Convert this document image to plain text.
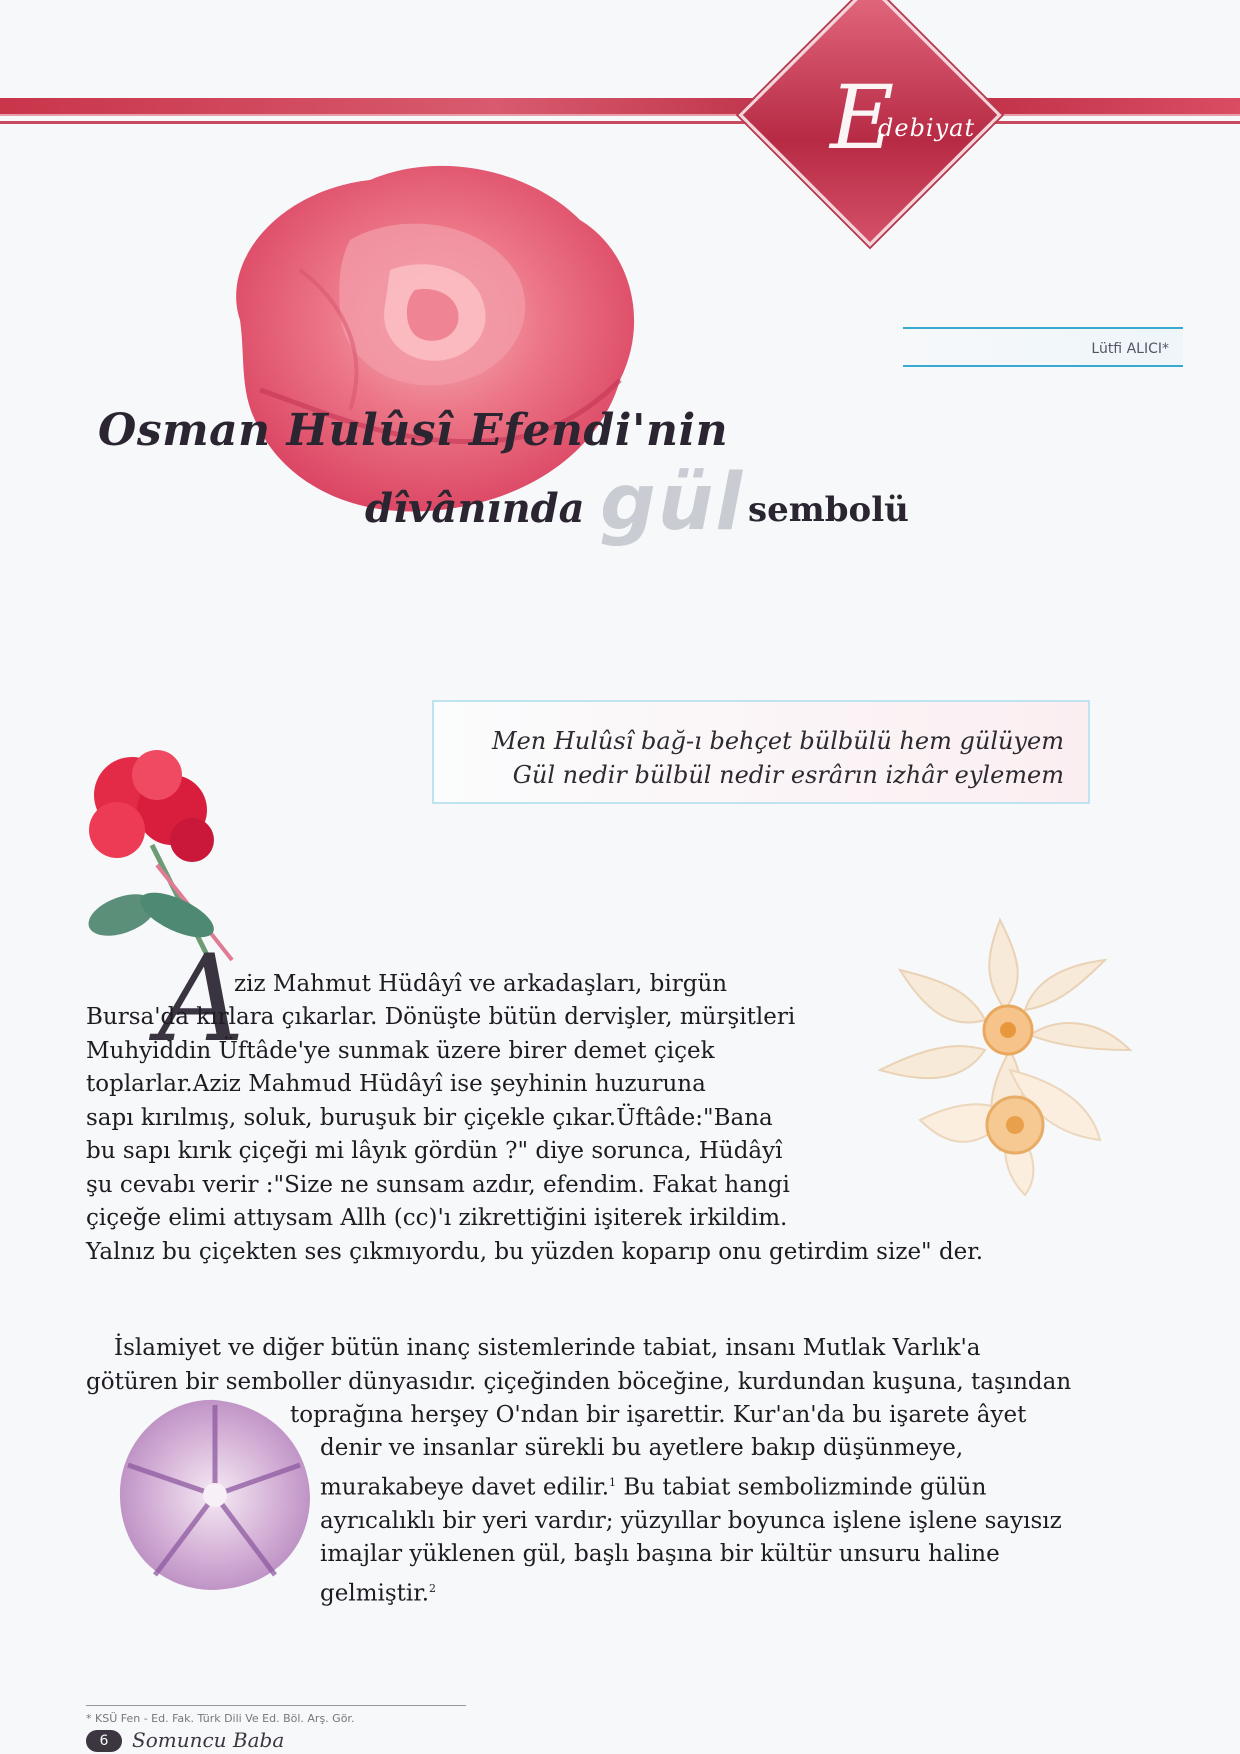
E
debiyat
Lütfi ALICI*
Osman Hulûsî Efendi'nin
gül
dîvânında	sembolü
Men Hulûsî bağ-ı behçet bülbülü hem gülüyem
Gül nedir bülbül nedir esrârın izhâr eylemem
A

ziz Mahmut Hüdâyî ve arkadaşları, birgün

Bursa'da kırlara çıkarlar. Dönüşte bütün dervişler, mürşitleri
Muhyiddin Üftâde'ye sunmak üzere birer demet çiçek
toplarlar.Aziz Mahmud Hüdâyî ise şeyhinin huzuruna
sapı kırılmış, soluk, buruşuk bir çiçekle çıkar.Üftâde:"Bana
bu sapı kırık çiçeği mi lâyık gördün ?" diye sorunca, Hüdâyî
şu cevabı verir :"Size ne sunsam azdır, efendim. Fakat hangi
çiçeğe elimi attıysam Allh (cc)'ı zikrettiğini işiterek irkildim.
Yalnız bu çiçekten ses çıkmıyordu, bu yüzden koparıp onu getirdim size" der.

İslamiyet ve diğer bütün inanç sistemlerinde tabiat, insanı Mutlak Varlık'a
götüren bir semboller dünyasıdır. çiçeğinden böceğine, kurdundan kuşuna, taşından

toprağına herşey O'ndan bir işarettir. Kur'an'da bu işarete âyet

denir ve insanlar sürekli bu ayetlere bakıp düşünmeye,
murakabeye davet edilir.$^1$ Bu tabiat sembolizminde gülün
ayrıcalıklı bir yeri vardır; yüzyıllar boyunca işlene işlene sayısız
imajlar yüklenen gül, başlı başına bir kültür unsuru haline
gelmiştir.$^2$

* KSÜ Fen - Ed. Fak. Türk Dili Ve Ed. Böl. Arş. Gör.
6	Somuncu Baba
